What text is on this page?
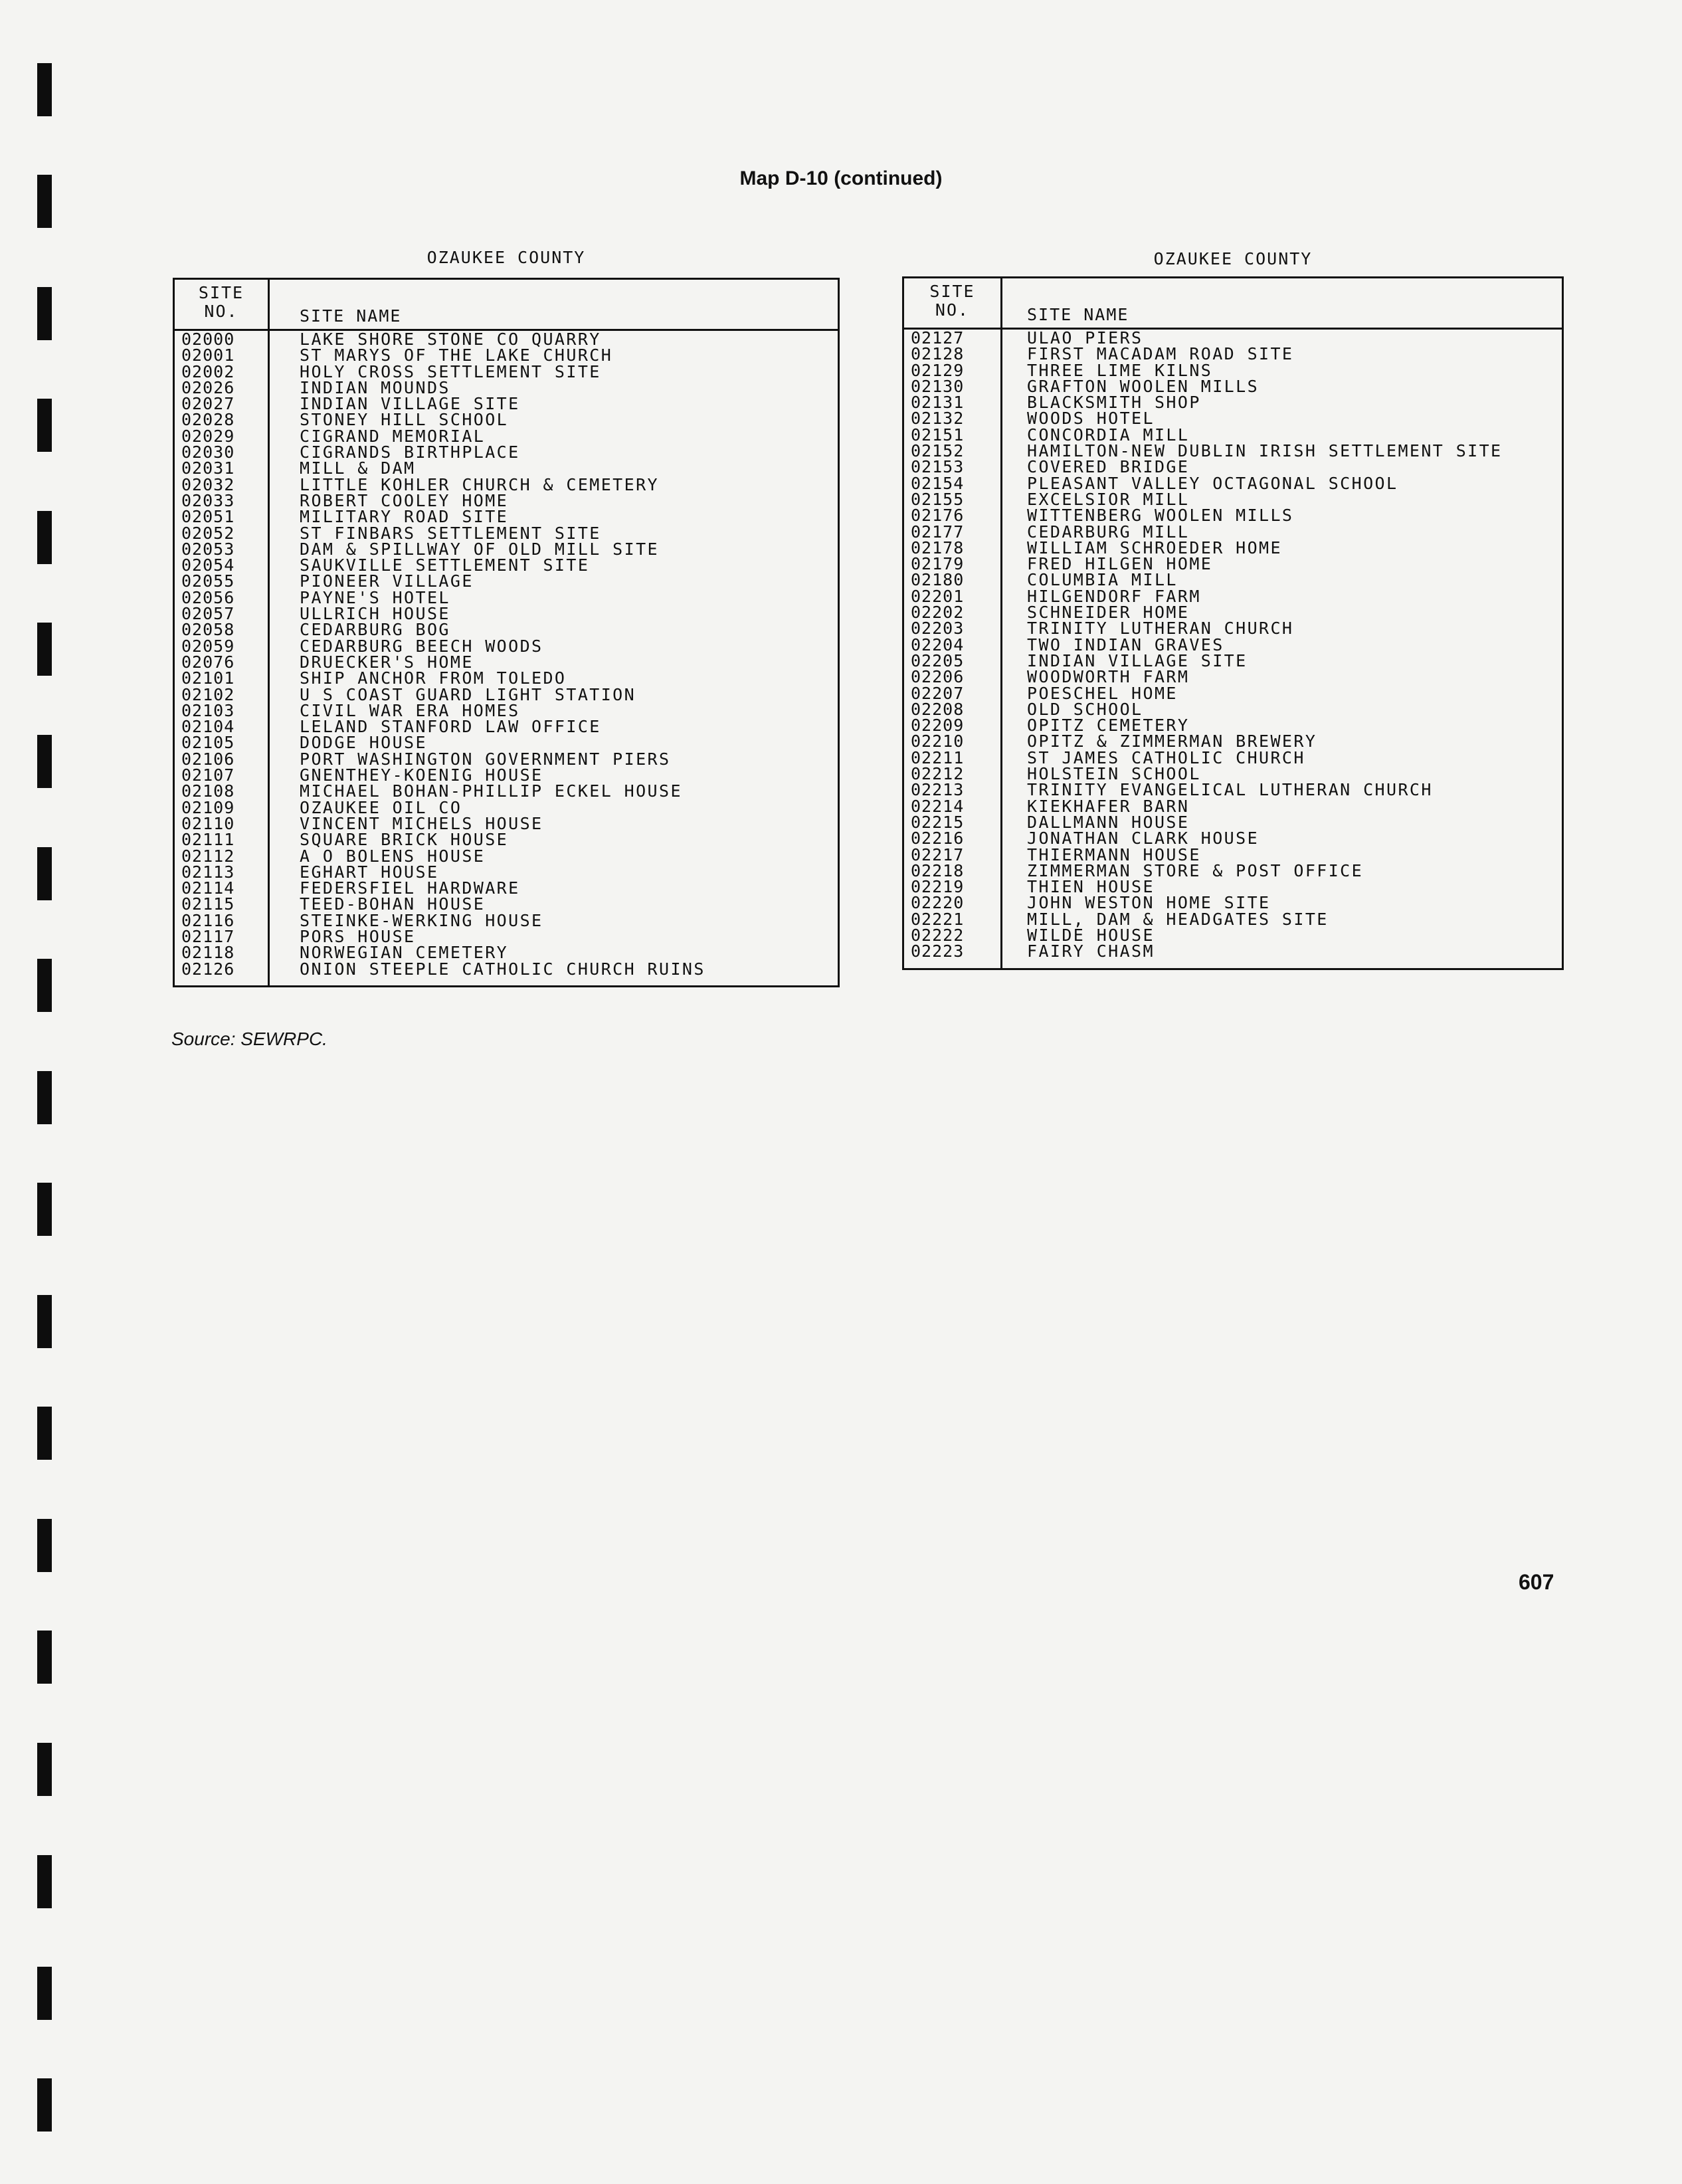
Map D-10 (continued)
OZAUKEE COUNTY
SITE
NO.	SITE NAME
02000	LAKE SHORE STONE CO QUARRY
02001	ST MARYS OF THE LAKE CHURCH
02002	HOLY CROSS SETTLEMENT SITE
02026	INDIAN MOUNDS
02027	INDIAN VILLAGE SITE
02028	STONEY HILL SCHOOL
02029	CIGRAND MEMORIAL
02030	CIGRANDS BIRTHPLACE
02031	MILL & DAM
02032	LITTLE KOHLER CHURCH & CEMETERY
02033	ROBERT COOLEY HOME
02051	MILITARY ROAD SITE
02052	ST FINBARS SETTLEMENT SITE
02053	DAM & SPILLWAY OF OLD MILL SITE
02054	SAUKVILLE SETTLEMENT SITE
02055	PIONEER VILLAGE
02056	PAYNE'S HOTEL
02057	ULLRICH HOUSE
02058	CEDARBURG BOG
02059	CEDARBURG BEECH WOODS
02076	DRUECKER'S HOME
02101	SHIP ANCHOR FROM TOLEDO
02102	U S COAST GUARD LIGHT STATION
02103	CIVIL WAR ERA HOMES
02104	LELAND STANFORD LAW OFFICE
02105	DODGE HOUSE
02106	PORT WASHINGTON GOVERNMENT PIERS
02107	GNENTHEY-KOENIG HOUSE
02108	MICHAEL BOHAN-PHILLIP ECKEL HOUSE
02109	OZAUKEE OIL CO
02110	VINCENT MICHELS HOUSE
02111	SQUARE BRICK HOUSE
02112	A O BOLENS HOUSE
02113	EGHART HOUSE
02114	FEDERSFIEL HARDWARE
02115	TEED-BOHAN HOUSE
02116	STEINKE-WERKING HOUSE
02117	PORS HOUSE
02118	NORWEGIAN CEMETERY
02126	ONION STEEPLE CATHOLIC CHURCH RUINS
OZAUKEE COUNTY
SITE
NO.	SITE NAME
02127	ULAO PIERS
02128	FIRST MACADAM ROAD SITE
02129	THREE LIME KILNS
02130	GRAFTON WOOLEN MILLS
02131	BLACKSMITH SHOP
02132	WOODS HOTEL
02151	CONCORDIA MILL
02152	HAMILTON-NEW DUBLIN IRISH SETTLEMENT SITE
02153	COVERED BRIDGE
02154	PLEASANT VALLEY OCTAGONAL SCHOOL
02155	EXCELSIOR MILL
02176	WITTENBERG WOOLEN MILLS
02177	CEDARBURG MILL
02178	WILLIAM SCHROEDER HOME
02179	FRED HILGEN HOME
02180	COLUMBIA MILL
02201	HILGENDORF FARM
02202	SCHNEIDER HOME
02203	TRINITY LUTHERAN CHURCH
02204	TWO INDIAN GRAVES
02205	INDIAN VILLAGE SITE
02206	WOODWORTH FARM
02207	POESCHEL HOME
02208	OLD SCHOOL
02209	OPITZ CEMETERY
02210	OPITZ & ZIMMERMAN BREWERY
02211	ST JAMES CATHOLIC CHURCH
02212	HOLSTEIN SCHOOL
02213	TRINITY EVANGELICAL LUTHERAN CHURCH
02214	KIEKHAFER BARN
02215	DALLMANN HOUSE
02216	JONATHAN CLARK HOUSE
02217	THIERMANN HOUSE
02218	ZIMMERMAN STORE & POST OFFICE
02219	THIEN HOUSE
02220	JOHN WESTON HOME SITE
02221	MILL, DAM & HEADGATES SITE
02222	WILDE HOUSE
02223	FAIRY CHASM
Source: SEWRPC.
607
